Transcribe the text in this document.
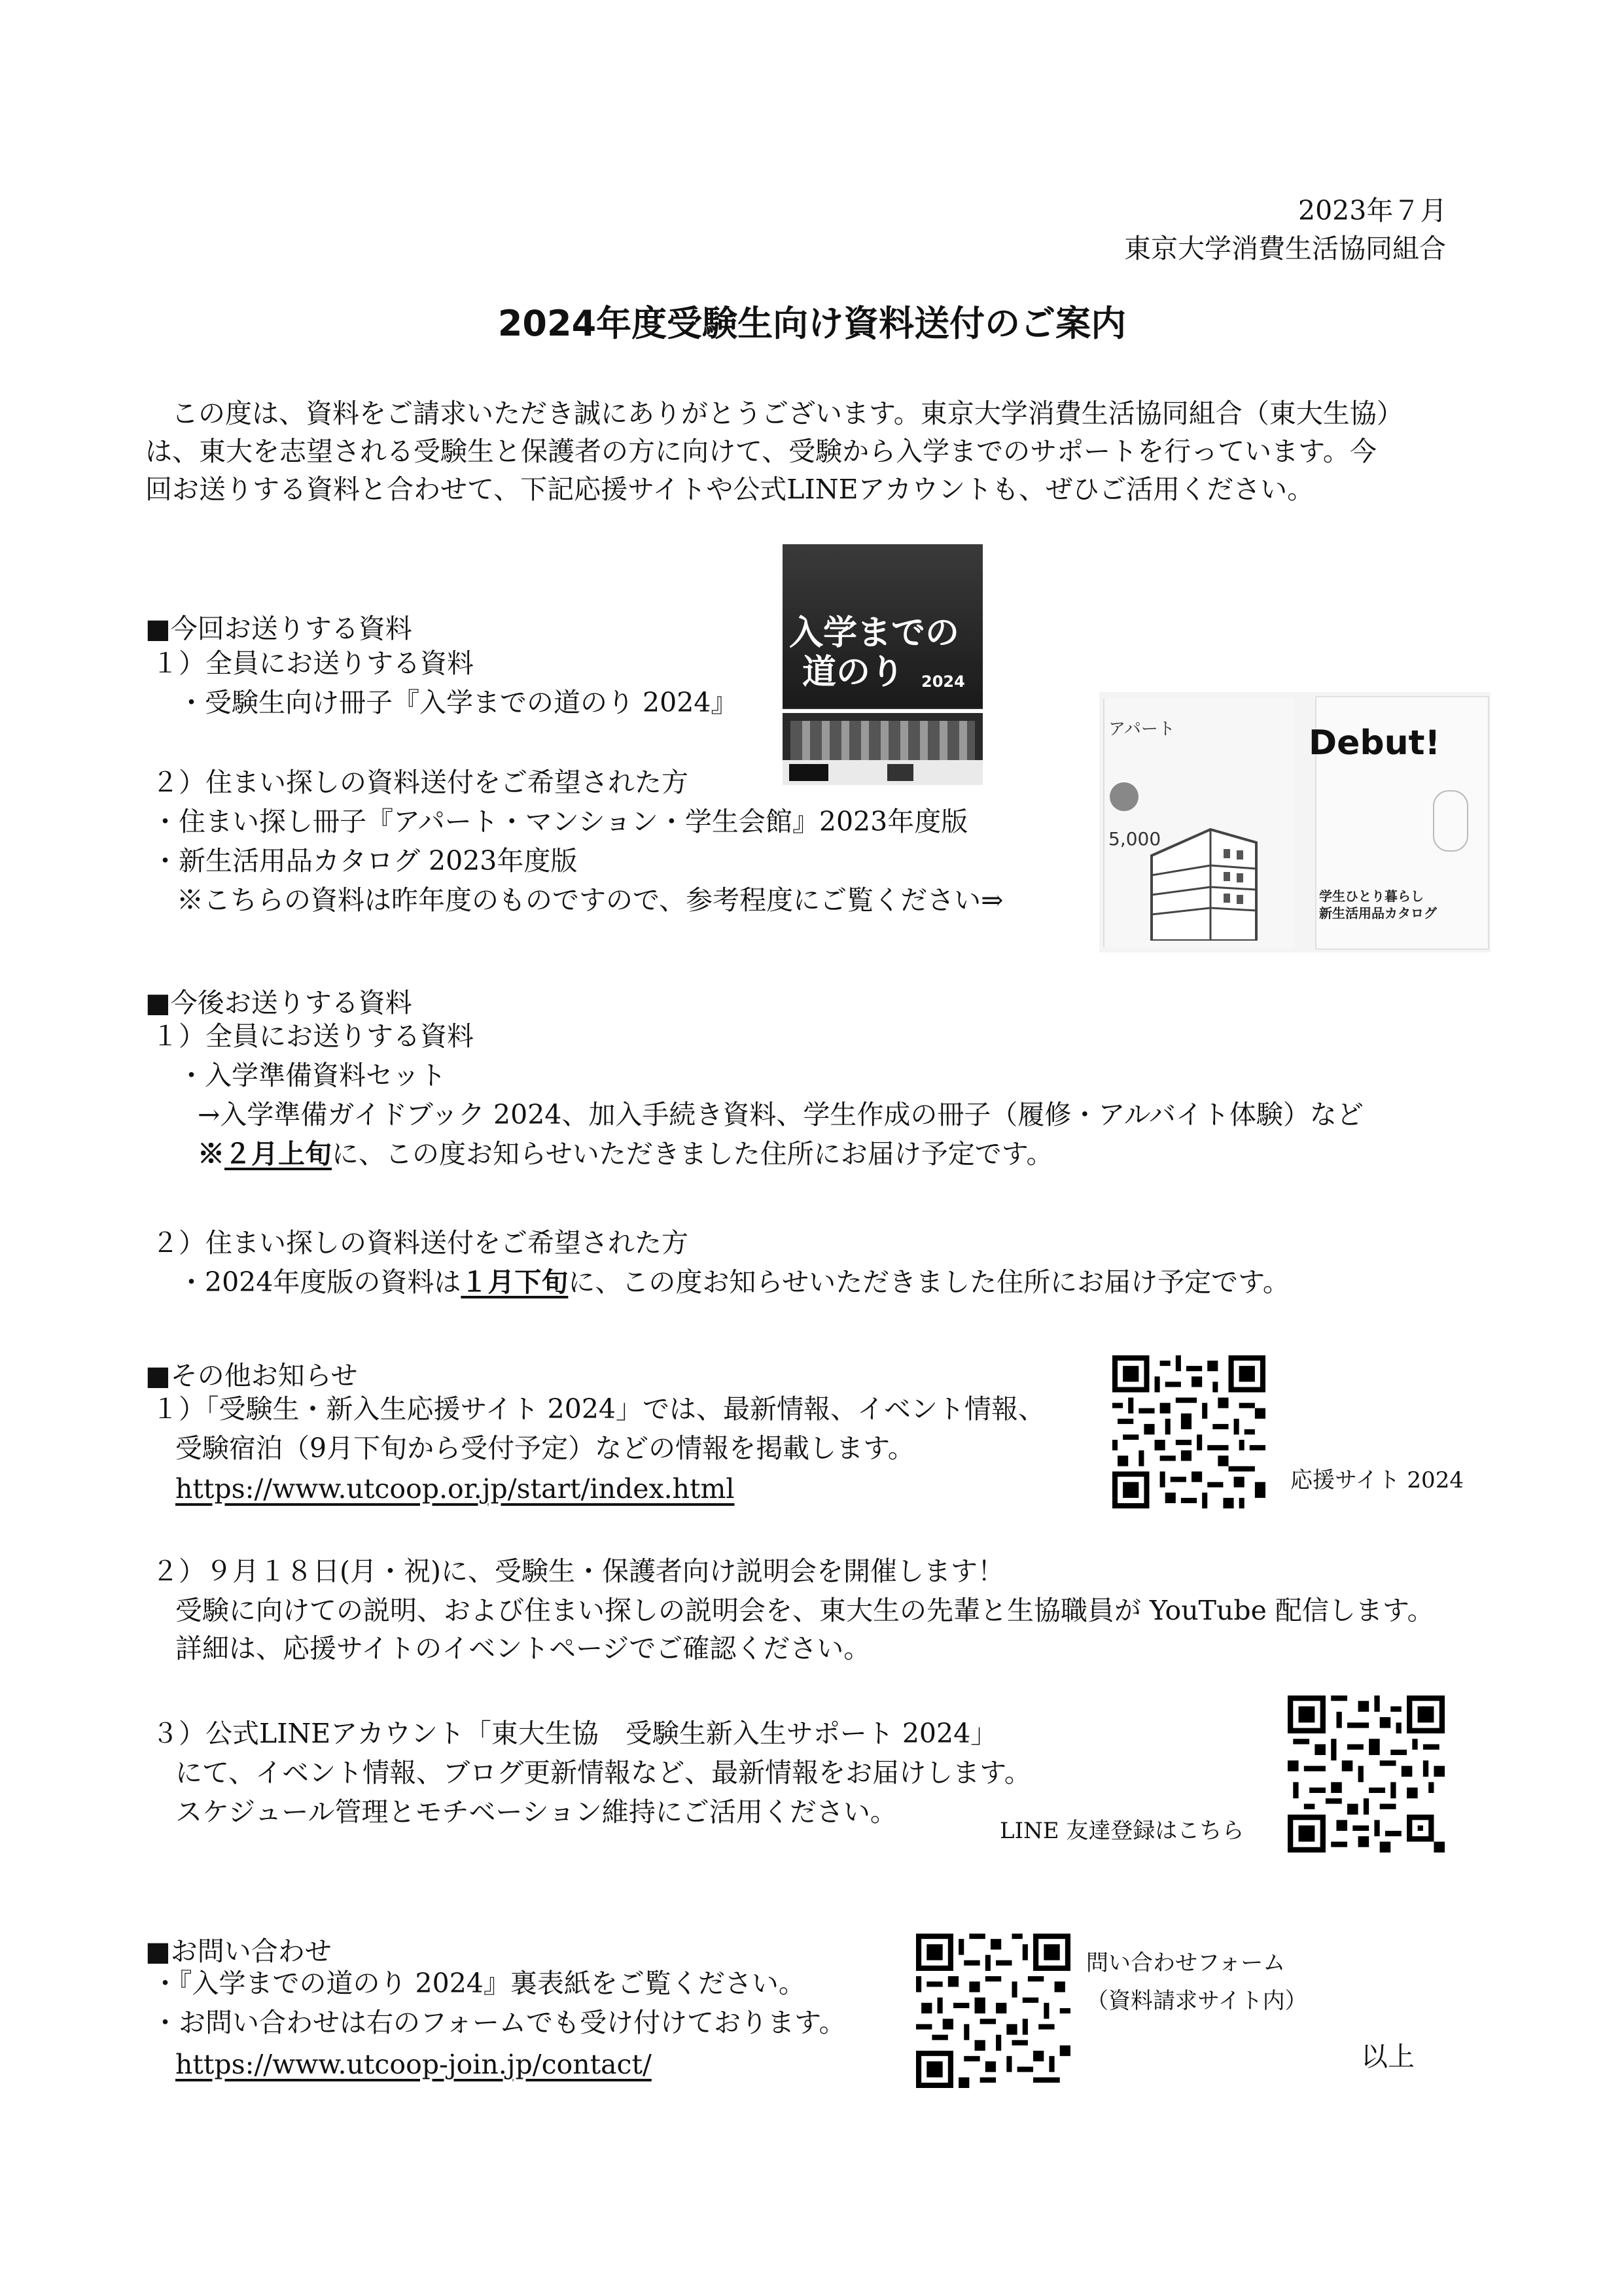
2023年７月
東京大学消費生活協同組合
2024年度受験生向け資料送付のご案内
この度は、資料をご請求いただき誠にありがとうございます。東京大学消費生活協同組合（東大生協）
は、東大を志望される受験生と保護者の方に向けて、受験から入学までのサポートを行っています。今
回お送りする資料と合わせて、下記応援サイトや公式LINEアカウントも、ぜひご活用ください。
■今回お送りする資料
１）全員にお送りする資料
・受験生向け冊子『入学までの道のり 2024』
２）住まい探しの資料送付をご希望された方
・住まい探し冊子『アパート・マンション・学生会館』2023年度版
・新生活用品カタログ 2023年度版
※こちらの資料は昨年度のものですので、参考程度にご覧ください⇒
入学までの
道のり 2024
アパート
5,000
Debut!
学生ひとり暮らし
新生活用品カタログ
■今後お送りする資料
１）全員にお送りする資料
・入学準備資料セット
→入学準備ガイドブック 2024、加入手続き資料、学生作成の冊子（履修・アルバイト体験）など
※２月上旬に、この度お知らせいただきました住所にお届け予定です。
２）住まい探しの資料送付をご希望された方
・2024年度版の資料は１月下旬に、この度お知らせいただきました住所にお届け予定です。
■その他お知らせ
１）「受験生・新入生応援サイト 2024」では、最新情報、イベント情報、
受験宿泊（9月下旬から受付予定）などの情報を掲載します。
https://www.utcoop.or.jp/start/index.html	応援サイト 2024
２）９月１８日(月・祝)に、受験生・保護者向け説明会を開催します！
受験に向けての説明、および住まい探しの説明会を、東大生の先輩と生協職員が YouTube 配信します。
詳細は、応援サイトのイベントページでご確認ください。
３）公式LINEアカウント「東大生協　受験生新入生サポート 2024」
にて、イベント情報、ブログ更新情報など、最新情報をお届けします。
スケジュール管理とモチベーション維持にご活用ください。
LINE 友達登録はこちら
■お問い合わせ
・『入学までの道のり 2024』裏表紙をご覧ください。
・お問い合わせは右のフォームでも受け付けております。
https://www.utcoop-join.jp/contact/
問い合わせフォーム
（資料請求サイト内）
以上
